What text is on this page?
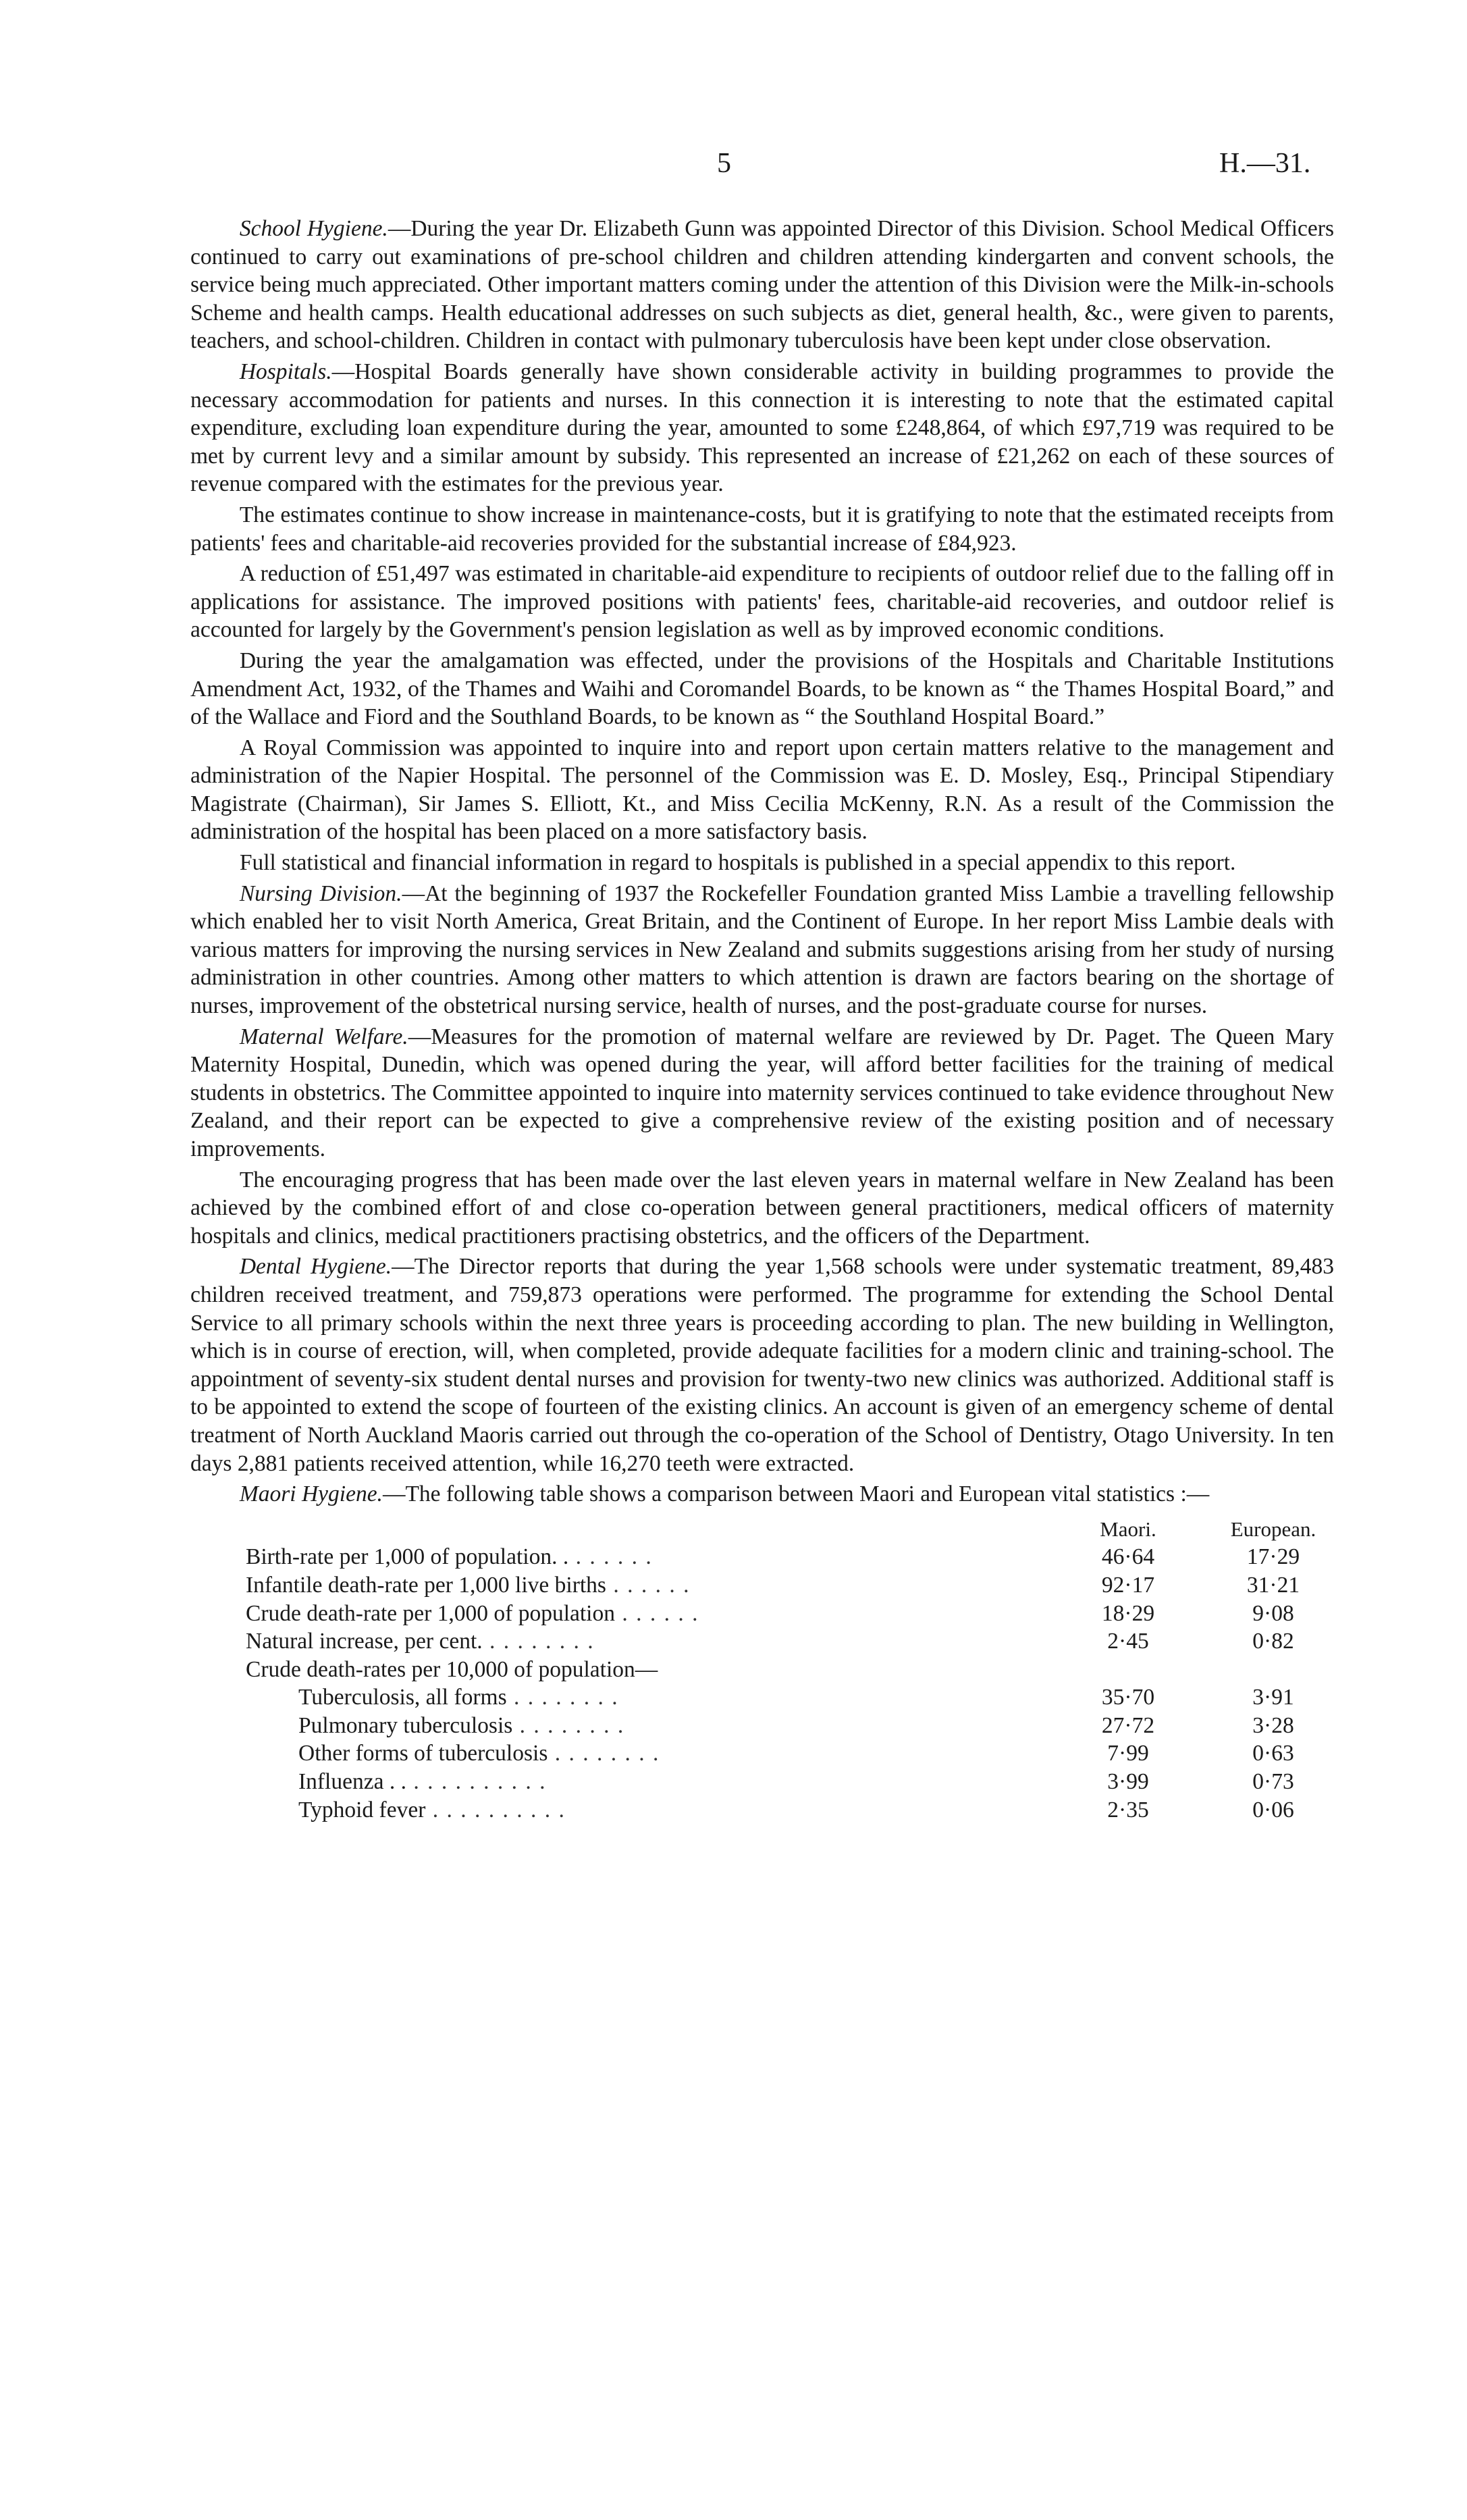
5	H.—31.

School Hygiene.—During the year Dr. Elizabeth Gunn was appointed Director of this Division. School Medical Officers continued to carry out examinations of pre-school children and children attending kindergarten and convent schools, the service being much appreciated. Other important matters coming under the attention of this Division were the Milk-in-schools Scheme and health camps. Health educational addresses on such subjects as diet, general health, &c., were given to parents, teachers, and school-children. Children in contact with pulmonary tuberculosis have been kept under close observation.

Hospitals.—Hospital Boards generally have shown considerable activity in building programmes to provide the necessary accommodation for patients and nurses. In this connection it is interesting to note that the estimated capital expenditure, excluding loan expenditure during the year, amounted to some £248,864, of which £97,719 was required to be met by current levy and a similar amount by subsidy. This represented an increase of £21,262 on each of these sources of revenue compared with the estimates for the previous year.

The estimates continue to show increase in maintenance-costs, but it is gratifying to note that the estimated receipts from patients' fees and charitable-aid recoveries provided for the substantial increase of £84,923.

A reduction of £51,497 was estimated in charitable-aid expenditure to recipients of outdoor relief due to the falling off in applications for assistance. The improved positions with patients' fees, charitable-aid recoveries, and outdoor relief is accounted for largely by the Government's pension legislation as well as by improved economic conditions.

During the year the amalgamation was effected, under the provisions of the Hospitals and Charitable Institutions Amendment Act, 1932, of the Thames and Waihi and Coromandel Boards, to be known as “ the Thames Hospital Board,” and of the Wallace and Fiord and the Southland Boards, to be known as “ the Southland Hospital Board.”

A Royal Commission was appointed to inquire into and report upon certain matters relative to the management and administration of the Napier Hospital. The personnel of the Commission was E. D. Mosley, Esq., Principal Stipendiary Magistrate (Chairman), Sir James S. Elliott, Kt., and Miss Cecilia McKenny, R.N. As a result of the Commission the administration of the hospital has been placed on a more satisfactory basis.

Full statistical and financial information in regard to hospitals is published in a special appendix to this report.

Nursing Division.—At the beginning of 1937 the Rockefeller Foundation granted Miss Lambie a travelling fellowship which enabled her to visit North America, Great Britain, and the Continent of Europe. In her report Miss Lambie deals with various matters for improving the nursing services in New Zealand and submits suggestions arising from her study of nursing administration in other countries. Among other matters to which attention is drawn are factors bearing on the shortage of nurses, improvement of the obstetrical nursing service, health of nurses, and the post-graduate course for nurses.

Maternal Welfare.—Measures for the promotion of maternal welfare are reviewed by Dr. Paget. The Queen Mary Maternity Hospital, Dunedin, which was opened during the year, will afford better facilities for the training of medical students in obstetrics. The Committee appointed to inquire into maternity services continued to take evidence throughout New Zealand, and their report can be expected to give a comprehensive review of the existing position and of necessary improvements.

The encouraging progress that has been made over the last eleven years in maternal welfare in New Zealand has been achieved by the combined effort of and close co-operation between general practitioners, medical officers of maternity hospitals and clinics, medical practitioners practising obstetrics, and the officers of the Department.

Dental Hygiene.—The Director reports that during the year 1,568 schools were under systematic treatment, 89,483 children received treatment, and 759,873 operations were performed. The programme for extending the School Dental Service to all primary schools within the next three years is proceeding according to plan. The new building in Wellington, which is in course of erection, will, when completed, provide adequate facilities for a modern clinic and training-school. The appointment of seventy-six student dental nurses and provision for twenty-two new clinics was authorized. Additional staff is to be appointed to extend the scope of fourteen of the existing clinics. An account is given of an emergency scheme of dental treatment of North Auckland Maoris carried out through the co-operation of the School of Dentistry, Otago University. In ten days 2,881 patients received attention, while 16,270 teeth were extracted.

Maori Hygiene.—The following table shows a comparison between Maori and European vital statistics :—

Maori.	European.
Birth-rate per 1,000 of population. . . . . . . .	46·64	17·29
Infantile death-rate per 1,000 live births . . . . . .	92·17	31·21
Crude death-rate per 1,000 of population . . . . . .	18·29	9·08
Natural increase, per cent. . . . . . . . .	2·45	0·82
Crude death-rates per 10,000 of population—
Tuberculosis, all forms . . . . . . . .	35·70	3·91
Pulmonary tuberculosis . . . . . . . .	27·72	3·28
Other forms of tuberculosis . . . . . . . .	7·99	0·63
Influenza . . . . . . . . . . . .	3·99	0·73
Typhoid fever . . . . . . . . . .	2·35	0·06
